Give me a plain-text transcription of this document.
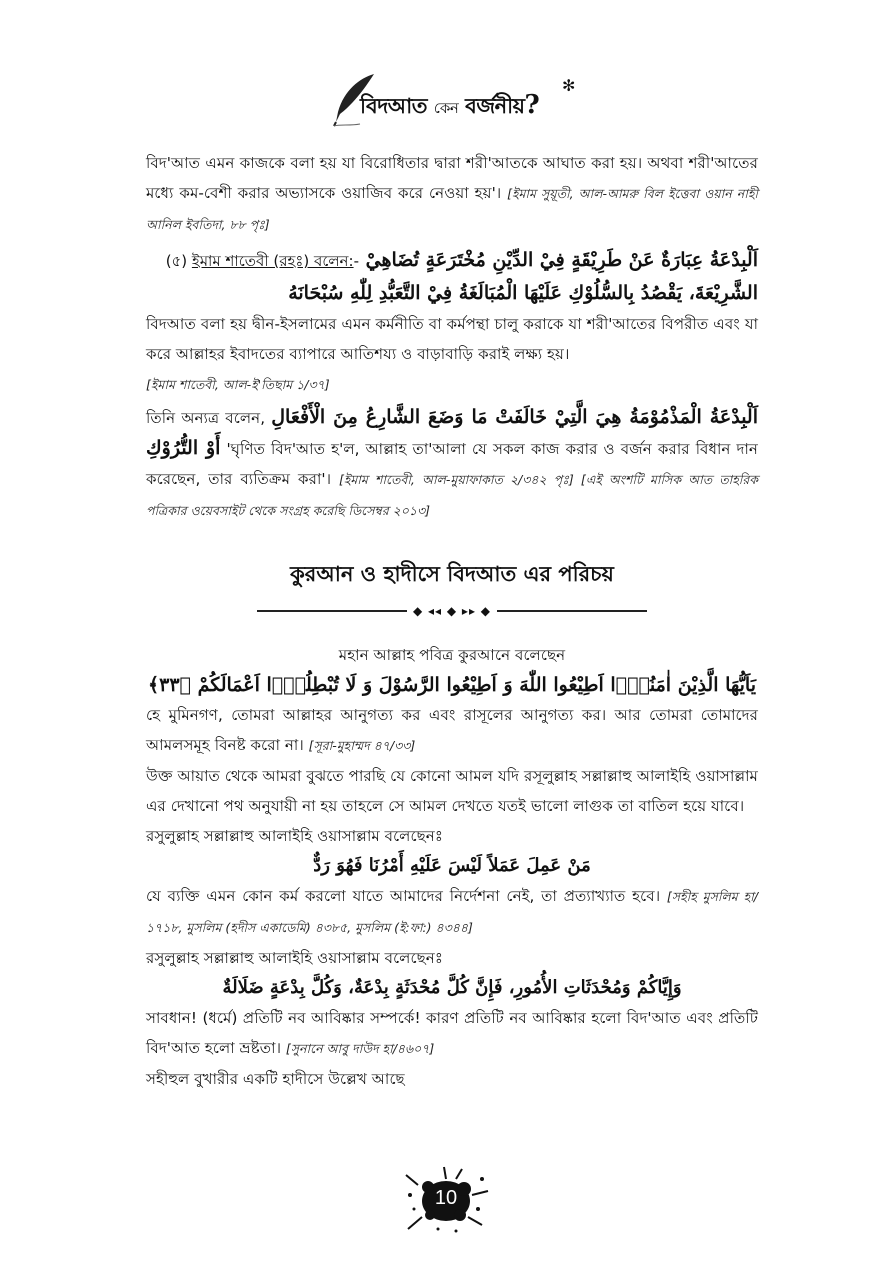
বিদআত কেন বর্জনীয়?
✻

বিদ'আত এমন কাজকে বলা হয় যা বিরোধিতার দ্বারা শরী'আতকে আঘাত করা হয়। অথবা শরী'আতের মধ্যে কম-বেশী করার অভ্যাসকে ওয়াজিব করে নেওয়া হয়'। [ইমাম সুয়ূতী, আল-আমরু বিল ইত্তেবা ওয়ান নাহী আনিল ইবতিদা, ৮৮ পৃঃ]

اَلْبِدْعَةُ عِبَارَةٌ عَنْ طَرِيْقَةٍ فِيْ الدِّيْنِ مُخْتَرَعَةٍ تُضَاهِيْ (৫) ইমাম শাতেবী (রহঃ) বলেন:-
الشَّرِيْعَةَ، يَقْصُدُ بِالسُّلُوْكِ عَلَيْهَا الْمُبَالَغَةُ فِيْ التَّعَبُّدِ لِلّٰهِ سُبْحَانَهُ

বিদআত বলা হয় দ্বীন-ইসলামের এমন কর্মনীতি বা কর্মপন্থা চালু করাকে যা শরী'আতের বিপরীত এবং যা করে আল্লাহর ইবাদতের ব্যাপারে আতিশয্য ও বাড়াবাড়ি করাই লক্ষ্য হয়।

[ইমাম শাতেবী, আল-ই'তিছাম ১/৩৭]

তিনি অন্যত্র বলেন, اَلْبِدْعَةُ الْمَذْمُوْمَةُ هِيَ الَّتِيْ خَالَفَتْ مَا وَضَعَ الشَّارِعُ مِنَ الْأَفْعَالِ أَوْ التُّرُوْكِ 'ঘৃণিত বিদ'আত হ'ল, আল্লাহ তা'আলা যে সকল কাজ করার ও বর্জন করার বিধান দান করেছেন, তার ব্যতিক্রম করা'। [ইমাম শাতেবী, আল-মুয়াফাকাত ২/৩৪২ পৃঃ] [এই অংশটি মাসিক আত তাহরিক পত্রিকার ওয়েবসাইট থেকে সংগ্রহ করেছি ডিসেম্বর ২০১৩]

কুরআন ও হাদীসে বিদআত এর পরিচয়
◆ ◂◂ ◆ ▸▸ ◆

মহান আল্লাহ পবিত্র কুরআনে বলেছেন

يَاَيُّهَا الَّذِيْنَ اٰمَنُوْۤا اَطِيْعُوا اللّٰهَ وَ اَطِيْعُوا الرَّسُوْلَ وَ لَا تُبْطِلُوْۤا اَعْمَالَكُمْ ﴿٣٣﴾

হে মুমিনগণ, তোমরা আল্লাহর আনুগত্য কর এবং রাসূলের আনুগত্য কর। আর তোমরা তোমাদের আমলসমূহ বিনষ্ট করো না। [সূরা-মুহাম্মদ ৪৭/৩৩]

উক্ত আয়াত থেকে আমরা বুঝতে পারছি যে কোনো আমল যদি রসূলুল্লাহ সল্লাল্লাহু আলাইহি ওয়াসাল্লাম এর দেখানো পথ অনুযায়ী না হয় তাহলে সে আমল দেখতে যতই ভালো লাগুক তা বাতিল হয়ে যাবে।

রসুলুল্লাহ সল্লাল্লাহু আলাইহি ওয়াসাল্লাম বলেছেনঃ

مَنْ عَمِلَ عَمَلاً لَيْسَ عَلَيْهِ أَمْرُنَا فَهُوَ رَدٌّ

যে ব্যক্তি এমন কোন কর্ম করলো যাতে আমাদের নির্দেশনা নেই, তা প্রত্যাখ্যাত হবে। [সহীহ মুসলিম হা/ ১৭১৮, মুসলিম (হদীস একাডেমি) ৪৩৮৫, মুসলিম (ই:ফা:) ৪৩৪৪]

রসুলুল্লাহ সল্লাল্লাহু আলাইহি ওয়াসাল্লাম বলেছেনঃ

وَإِيَّاكُمْ وَمُحْدَثَاتِ الأُمُورِ، فَإِنَّ كُلَّ مُحْدَثَةٍ بِدْعَةٌ، وَكُلَّ بِدْعَةٍ ضَلَالَةٌ

সাবধান! (ধর্মে) প্রতিটি নব আবিষ্কার সম্পর্কে! কারণ প্রতিটি নব আবিষ্কার হলো বিদ'আত এবং প্রতিটি বিদ'আত হলো ভ্রষ্টতা। [সুনানে আবু দাউদ হা/৪৬০৭]

সহীহুল বুখারীর একটি হাদীসে উল্লেখ আছে

10
